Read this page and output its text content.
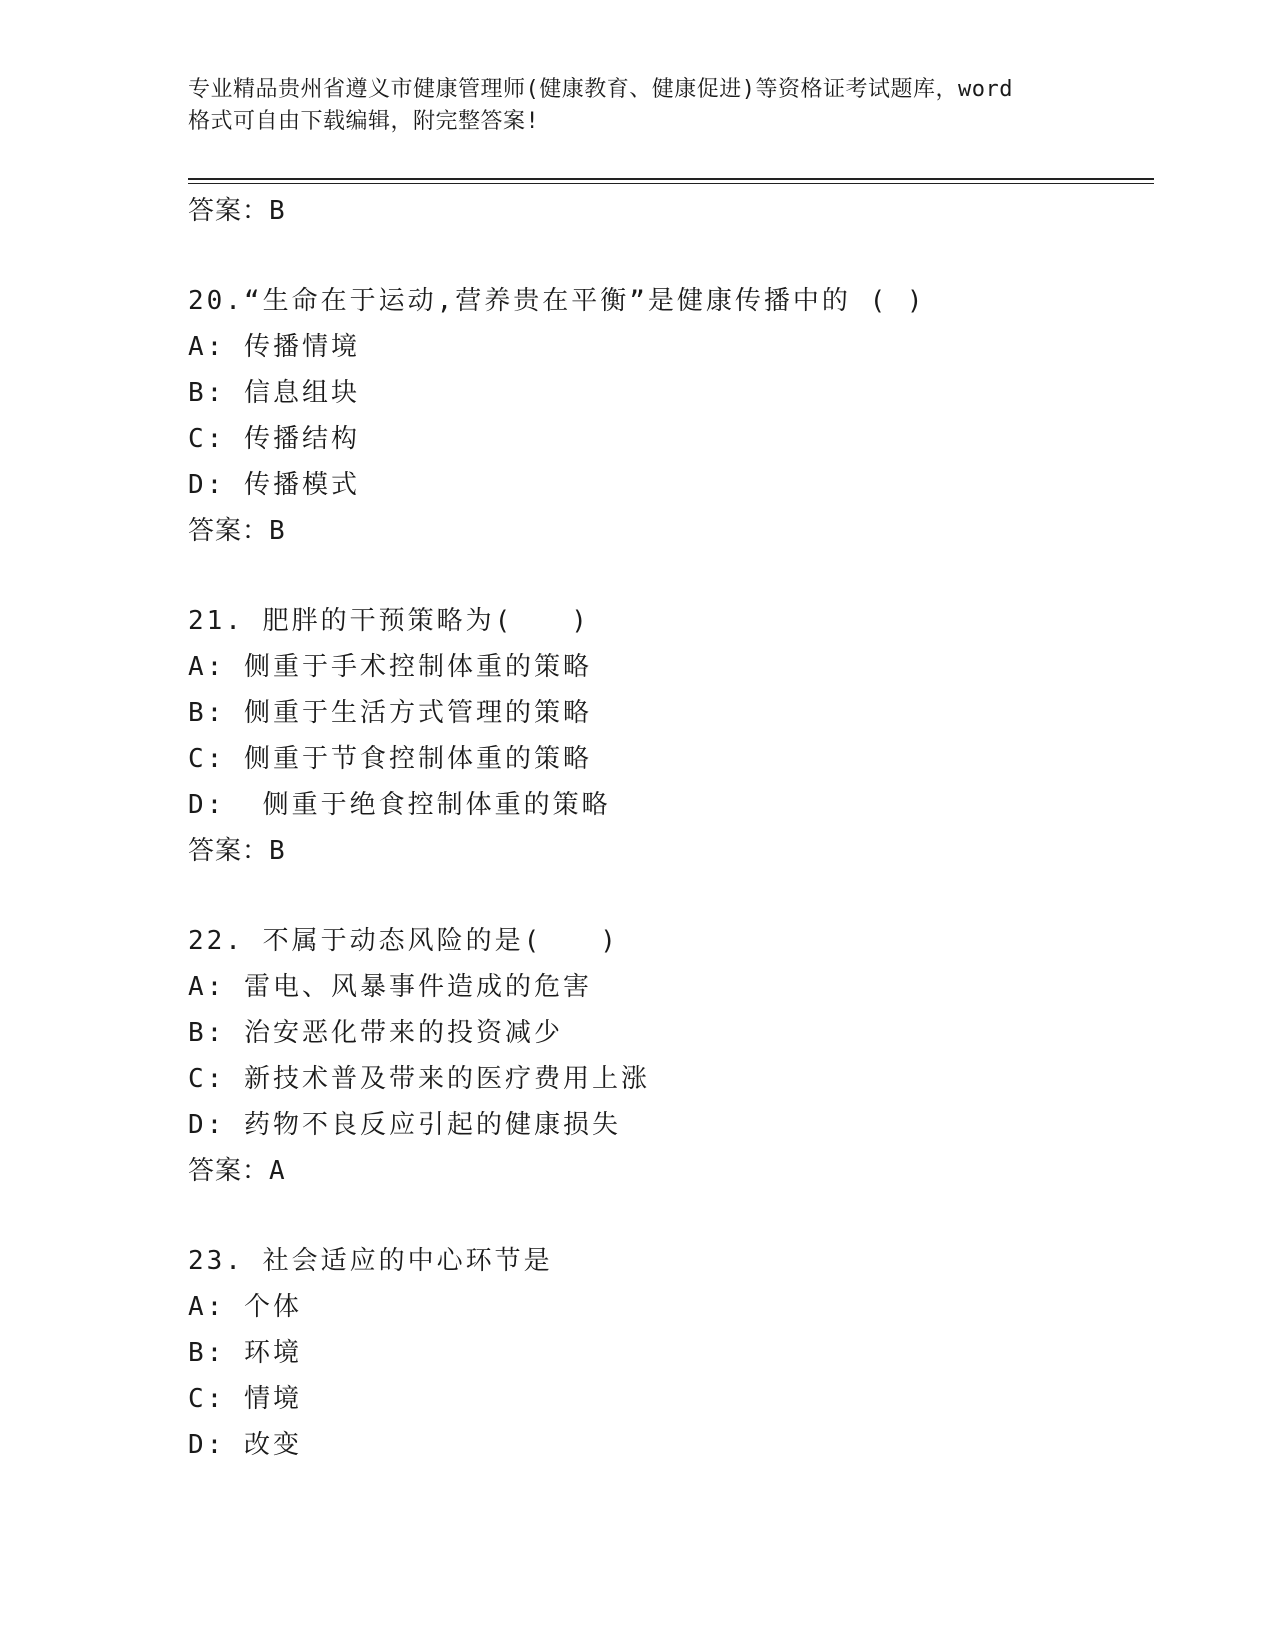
专业精品贵州省遵义市健康管理师(健康教育、健康促进)等资格证考试题库，word
格式可自由下载编辑，附完整答案!
答案：B
20.“生命在于运动,营养贵在平衡”是健康传播中的 ( )
A: 传播情境
B: 信息组块
C: 传播结构
D: 传播模式
答案：B
21. 肥胖的干预策略为(　　)
A: 侧重于手术控制体重的策略
B: 侧重于生活方式管理的策略
C: 侧重于节食控制体重的策略
D:  侧重于绝食控制体重的策略
答案：B
22. 不属于动态风险的是(　　)
A: 雷电、风暴事件造成的危害
B: 治安恶化带来的投资减少
C: 新技术普及带来的医疗费用上涨
D: 药物不良反应引起的健康损失
答案：A
23. 社会适应的中心环节是
A: 个体
B: 环境
C: 情境
D: 改变
